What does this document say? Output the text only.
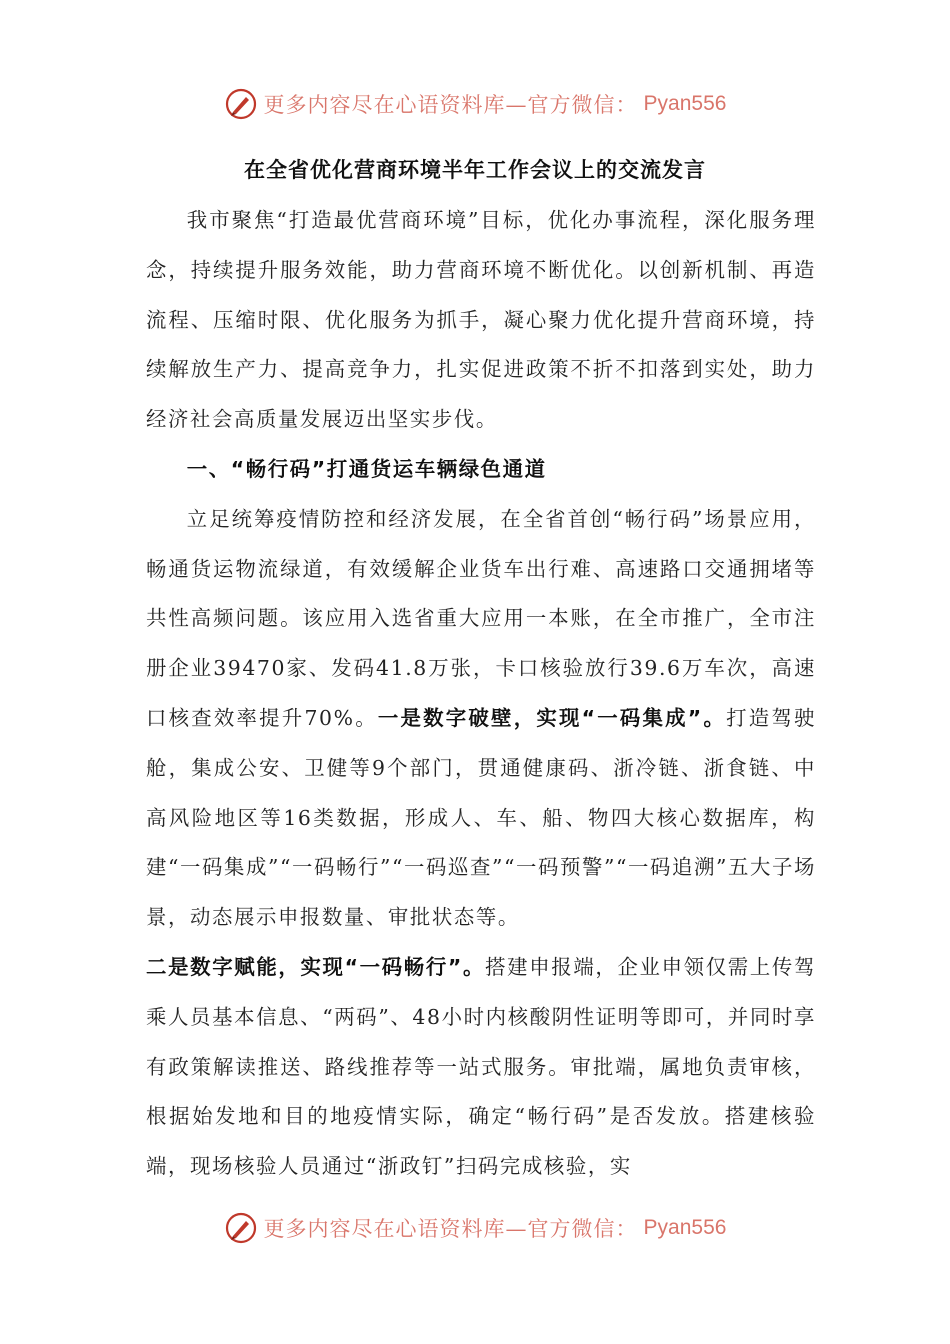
更多内容尽在心语资料库—官方微信： Pyan556
在全省优化营商环境半年工作会议上的交流发言

我市聚焦“打造最优营商环境”目标，优化办事流程，深化服务理念，持续提升服务效能，助力营商环境不断优化。以创新机制、再造流程、压缩时限、优化服务为抓手，凝心聚力优化提升营商环境，持续解放生产力、提高竞争力，扎实促进政策不折不扣落到实处，助力经济社会高质量发展迈出坚实步伐。

一、“畅行码”打通货运车辆绿色通道

立足统筹疫情防控和经济发展，在全省首创“畅行码”场景应用，畅通货运物流绿道，有效缓解企业货车出行难、高速路口交通拥堵等共性高频问题。该应用入选省重大应用一本账，在全市推广，全市注册企业39470家、发码41.8万张，卡口核验放行39.6万车次，高速口核查效率提升70%。一是数字破壁，实现“一码集成”。打造驾驶舱，集成公安、卫健等9个部门，贯通健康码、浙冷链、浙食链、中高风险地区等16类数据，形成人、车、船、物四大核心数据库，构建“一码集成”“一码畅行”“一码巡查”“一码预警”“一码追溯”五大子场景，动态展示申报数量、审批状态等。

二是数字赋能，实现“一码畅行”。搭建申报端，企业申领仅需上传驾乘人员基本信息、“两码”、48小时内核酸阴性证明等即可，并同时享有政策解读推送、路线推荐等一站式服务。审批端，属地负责审核，根据始发地和目的地疫情实际，确定“畅行码”是否发放。搭建核验端，现场核验人员通过“浙政钉”扫码完成核验，实

更多内容尽在心语资料库—官方微信： Pyan556
